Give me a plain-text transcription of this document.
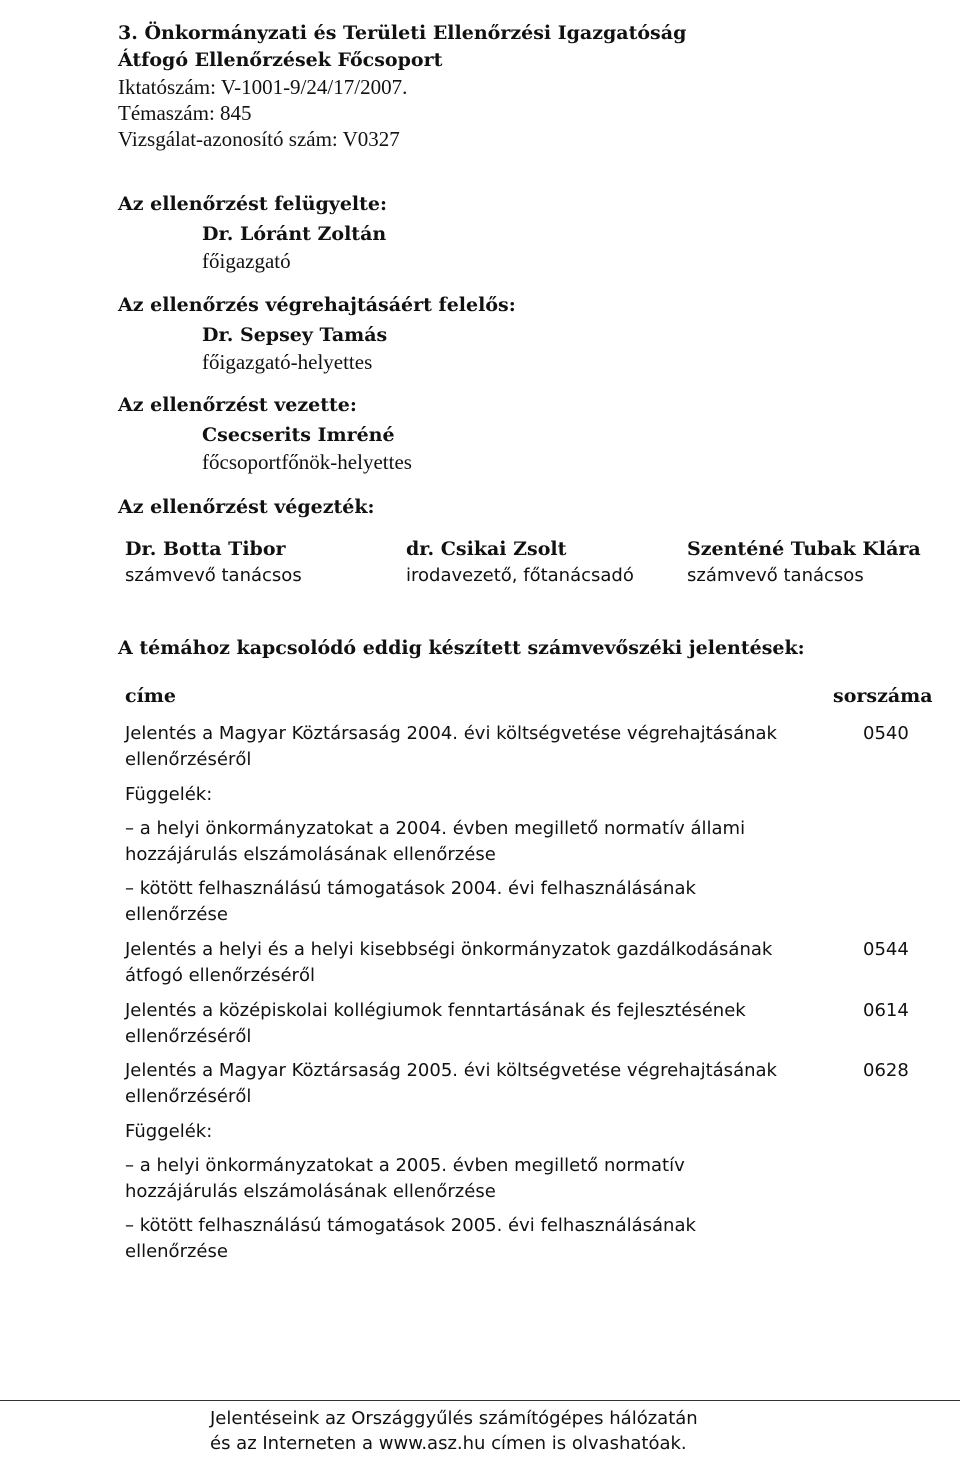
3. Önkormányzati és Területi Ellenőrzési Igazgatóság
Átfogó Ellenőrzések Főcsoport
Iktatószám: V-1001-9/24/17/2007.
Témaszám: 845
Vizsgálat-azonosító szám: V0327
Az ellenőrzést felügyelte:
Dr. Lóránt Zoltán
főigazgató
Az ellenőrzés végrehajtásáért felelős:
Dr. Sepsey Tamás
főigazgató-helyettes
Az ellenőrzést vezette:
Csecserits Imréné
főcsoportfőnök-helyettes
Az ellenőrzést végezték:
Dr. Botta Tibor
számvevő tanácsos
dr. Csikai Zsolt
irodavezető, főtanácsadó
Szenténé Tubak Klára
számvevő tanácsos
A témához kapcsolódó eddig készített számvevőszéki jelentések:
címe	sorszáma
Jelentés a Magyar Köztársaság 2004. évi költségvetése végrehajtásának ellenőrzéséről
0540
Függelék:
– a helyi önkormányzatokat a 2004. évben megillető normatív állami hozzájárulás elszámolásának ellenőrzése
– kötött felhasználású támogatások 2004. évi felhasználásának ellenőrzése
Jelentés a helyi és a helyi kisebbségi önkormányzatok gazdálkodásának átfogó ellenőrzéséről
0544
Jelentés a középiskolai kollégiumok fenntartásának és fejlesztésének ellenőrzéséről
0614
Jelentés a Magyar Köztársaság 2005. évi költségvetése végrehajtásának ellenőrzéséről
0628
Függelék:
– a helyi önkormányzatokat a 2005. évben megillető normatív hozzájárulás elszámolásának ellenőrzése
– kötött felhasználású támogatások 2005. évi felhasználásának ellenőrzése
Jelentéseink az Országgyűlés számítógépes hálózatán
és az Interneten a www.asz.hu címen is olvashatóak.
